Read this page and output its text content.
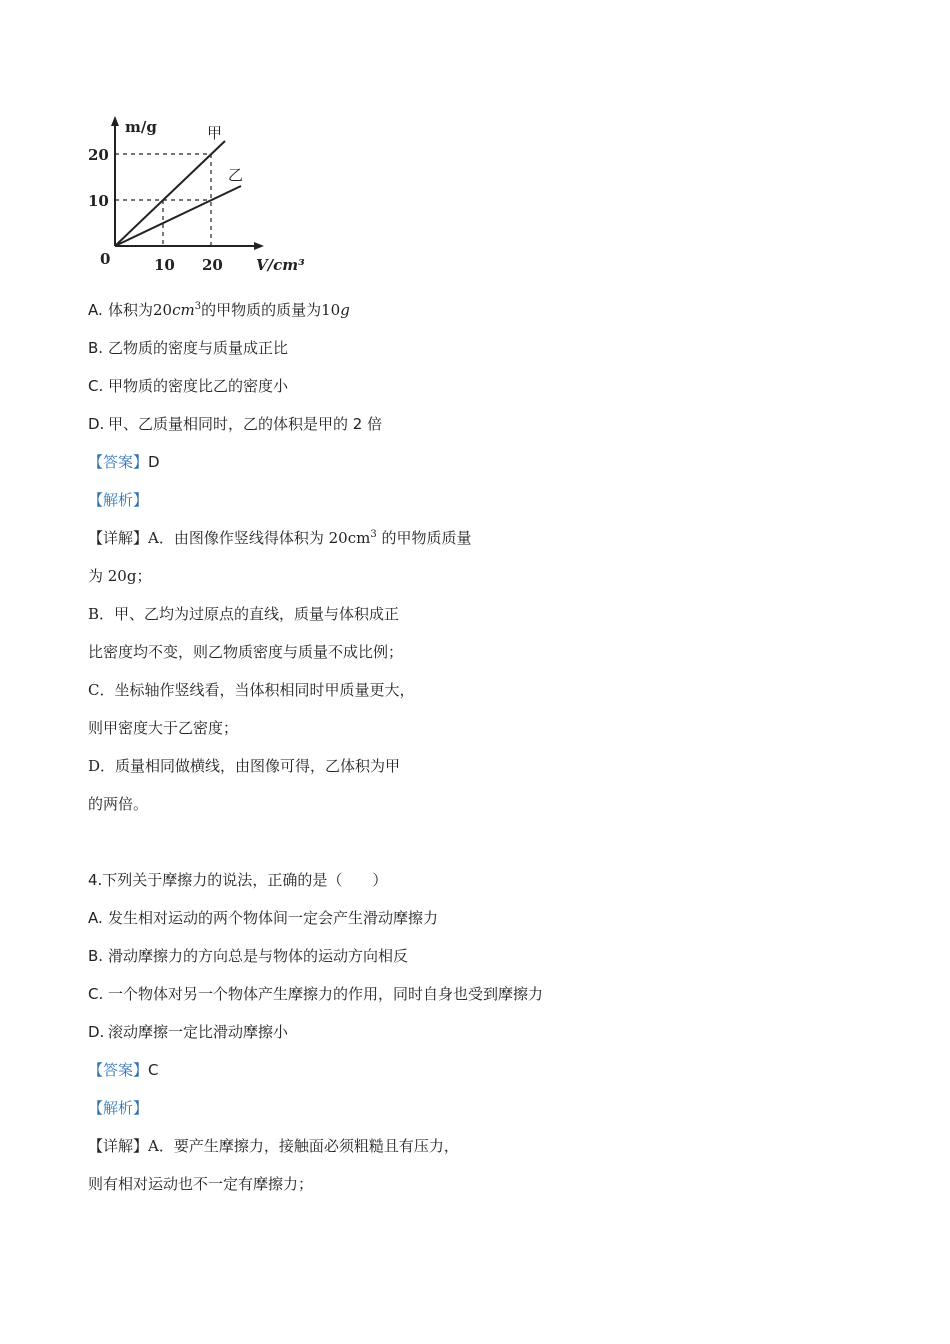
m/g
V/cm³
0	10 20
20
10
甲
乙
A. 体积为$20cm^3$的甲物质的质量为10g
B. 乙物质的密度与质量成正比
C. 甲物质的密度比乙的密度小
D. 甲、乙质量相同时，乙的体积是甲的 2 倍
【答案】D
【解析】
【详解】A．由图像作竖线得体积为 $20cm^3$ 的甲物质质量
为 20g；
B．甲、乙均为过原点的直线，质量与体积成正
比密度均不变，则乙物质密度与质量不成比例；
C．坐标轴作竖线看，当体积相同时甲质量更大，
则甲密度大于乙密度；
D．质量相同做横线，由图像可得，乙体积为甲
的两倍。
4.下列关于摩擦力的说法，正确的是（　　）
A. 发生相对运动的两个物体间一定会产生滑动摩擦力
B. 滑动摩擦力的方向总是与物体的运动方向相反
C. 一个物体对另一个物体产生摩擦力的作用，同时自身也受到摩擦力
D. 滚动摩擦一定比滑动摩擦小
【答案】C
【解析】
【详解】A．要产生摩擦力，接触面必须粗糙且有压力，
则有相对运动也不一定有摩擦力；
